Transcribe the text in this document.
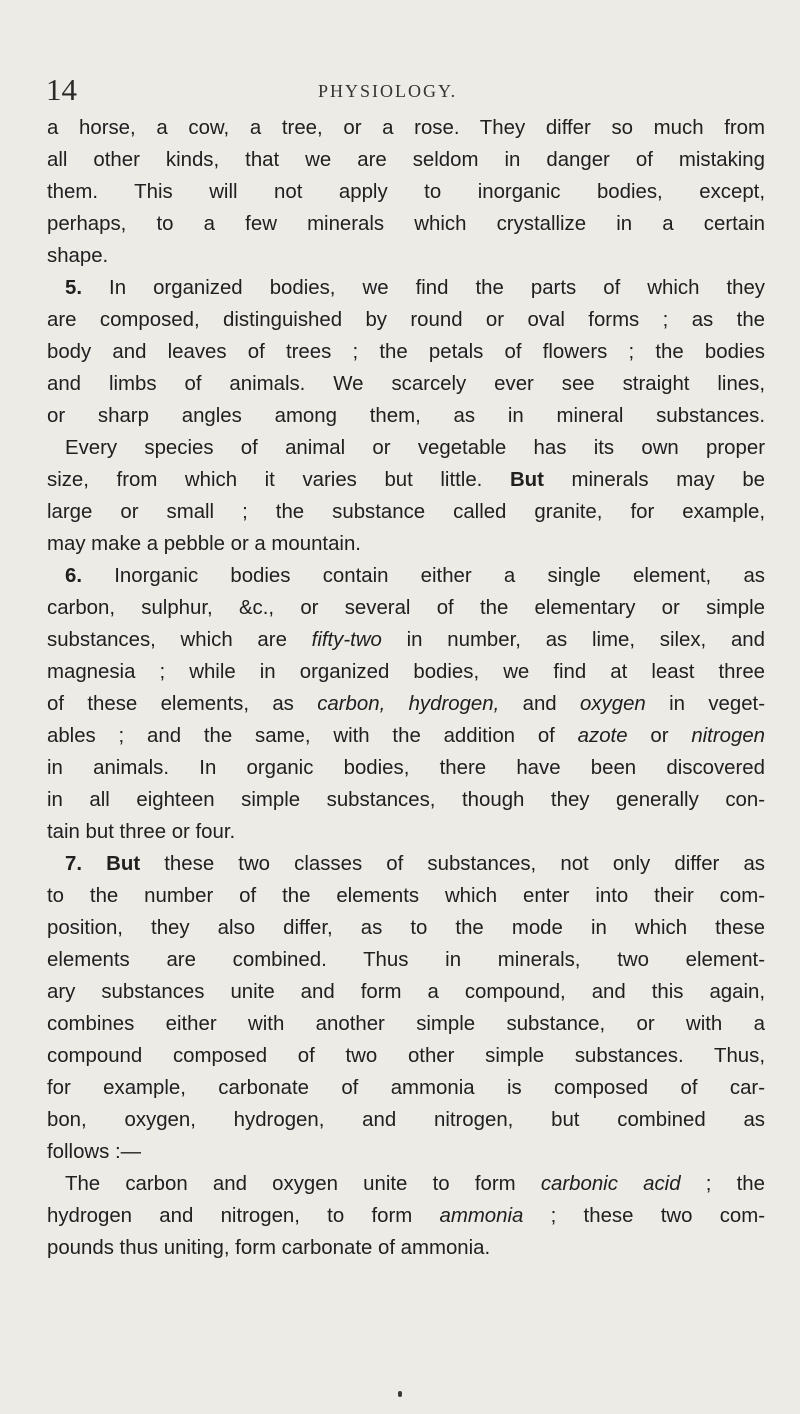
14	PHYSIOLOGY.
a horse, a cow, a tree, or a rose. They differ so much from
all other kinds, that we are seldom in danger of mistaking
them. This will not apply to inorganic bodies, except,
perhaps, to a few minerals which crystallize in a certain
shape.
5. In organized bodies, we find the parts of which they
are composed, distinguished by round or oval forms ; as the
body and leaves of trees ; the petals of flowers ; the bodies
and limbs of animals. We scarcely ever see straight lines,
or sharp angles among them, as in mineral substances.
Every species of animal or vegetable has its own proper
size, from which it varies but little. But minerals may be
large or small ; the substance called granite, for example,
may make a pebble or a mountain.
6. Inorganic bodies contain either a single element, as
carbon, sulphur, &c., or several of the elementary or simple
substances, which are fifty-two in number, as lime, silex, and
magnesia ; while in organized bodies, we find at least three
of these elements, as carbon, hydrogen, and oxygen in veget-
ables ; and the same, with the addition of azote or nitrogen
in animals. In organic bodies, there have been discovered
in all eighteen simple substances, though they generally con-
tain but three or four.
7. But these two classes of substances, not only differ as
to the number of the elements which enter into their com-
position, they also differ, as to the mode in which these
elements are combined. Thus in minerals, two element-
ary substances unite and form a compound, and this again,
combines either with another simple substance, or with a
compound composed of two other simple substances. Thus,
for example, carbonate of ammonia is composed of car-
bon, oxygen, hydrogen, and nitrogen, but combined as
follows :—
The carbon and oxygen unite to form carbonic acid ; the
hydrogen and nitrogen, to form ammonia ; these two com-
pounds thus uniting, form carbonate of ammonia.
